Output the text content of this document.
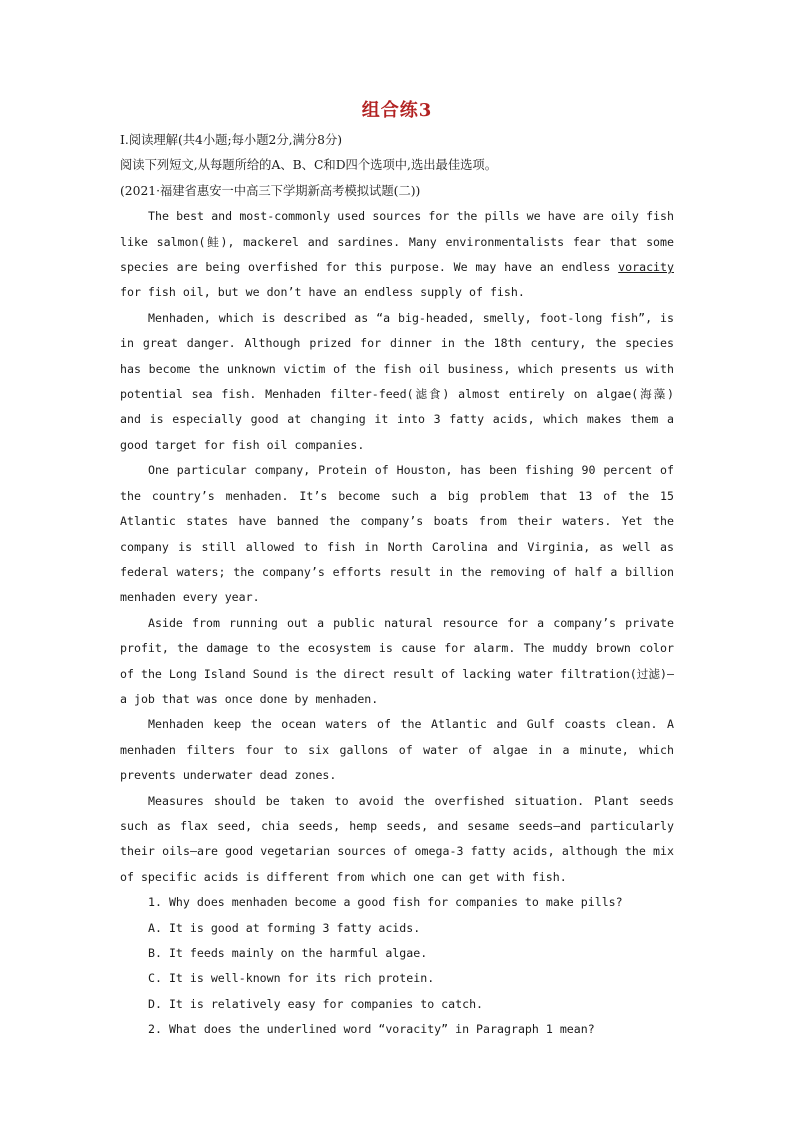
组合练3

Ⅰ.阅读理解(共4小题;每小题2分,满分8分)

阅读下列短文,从每题所给的A、B、C和D四个选项中,选出最佳选项。

(2021·福建省惠安一中高三下学期新高考模拟试题(二))

The best and most-commonly used sources for the pills we have are oily fish like salmon(鲑), mackerel and sardines. Many environmentalists fear that some species are being overfished for this purpose. We may have an endless voracity for fish oil, but we don’t have an endless supply of fish.

Menhaden, which is described as “a big-headed, smelly, foot-long fish”, is in great danger. Although prized for dinner in the 18th century, the species has become the unknown victim of the fish oil business, which presents us with potential sea fish. Menhaden filter-feed(滤食) almost entirely on algae(海藻) and is especially good at changing it into 3 fatty acids, which makes them a good target for fish oil companies.

One particular company, Protein of Houston, has been fishing 90 percent of the country’s menhaden. It’s become such a big problem that 13 of the 15 Atlantic states have banned the company’s boats from their waters. Yet the company is still allowed to fish in North Carolina and Virginia, as well as federal waters; the company’s efforts result in the removing of half a billion menhaden every year.

Aside from running out a public natural resource for a company’s private profit, the damage to the ecosystem is cause for alarm. The muddy brown color of the Long Island Sound is the direct result of lacking water filtration(过滤)— a job that was once done by menhaden.

Menhaden keep the ocean waters of the Atlantic and Gulf coasts clean. A menhaden filters four to six gallons of water of algae in a minute, which prevents underwater dead zones.

Measures should be taken to avoid the overfished situation. Plant seeds such as flax seed, chia seeds, hemp seeds, and sesame seeds—and particularly their oils—are good vegetarian sources of omega-3 fatty acids, although the mix of specific acids is different from which one can get with fish.

1. Why does menhaden become a good fish for companies to make pills?

A. It is good at forming 3 fatty acids.

B. It feeds mainly on the harmful algae.

C. It is well-known for its rich protein.

D. It is relatively easy for companies to catch.

2. What does the underlined word “voracity” in Paragraph 1 mean?
